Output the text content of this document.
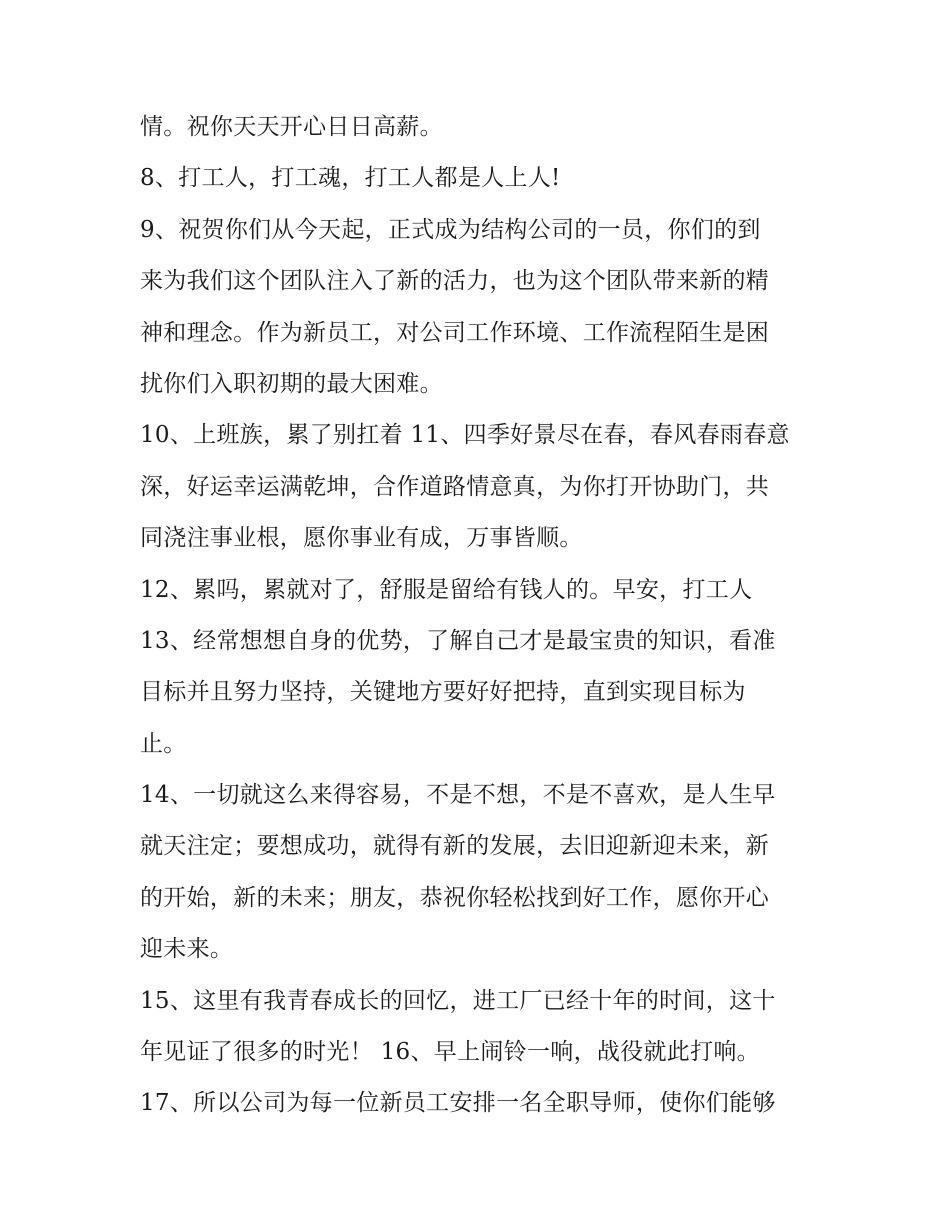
情。祝你天天开心日日高薪。
8、打工人，打工魂，打工人都是人上人!
9、祝贺你们从今天起，正式成为结构公司的一员，你们的到
来为我们这个团队注入了新的活力，也为这个团队带来新的精
神和理念。作为新员工，对公司工作环境、工作流程陌生是困
扰你们入职初期的最大困难。
10、上班族，累了别扛着 11、四季好景尽在春，春风春雨春意
深，好运幸运满乾坤，合作道路情意真，为你打开协助门，共
同浇注事业根，愿你事业有成，万事皆顺。
12、累吗，累就对了，舒服是留给有钱人的。早安，打工人
13、经常想想自身的优势，了解自己才是最宝贵的知识，看准
目标并且努力坚持，关键地方要好好把持，直到实现目标为
止。
14、一切就这么来得容易，不是不想，不是不喜欢，是人生早
就天注定；要想成功，就得有新的发展，去旧迎新迎未来，新
的开始，新的未来；朋友，恭祝你轻松找到好工作，愿你开心
迎未来。
15、这里有我青春成长的回忆，进工厂已经十年的时间，这十
年见证了很多的时光！ 16、早上闹铃一响，战役就此打响。
17、所以公司为每一位新员工安排一名全职导师，使你们能够
